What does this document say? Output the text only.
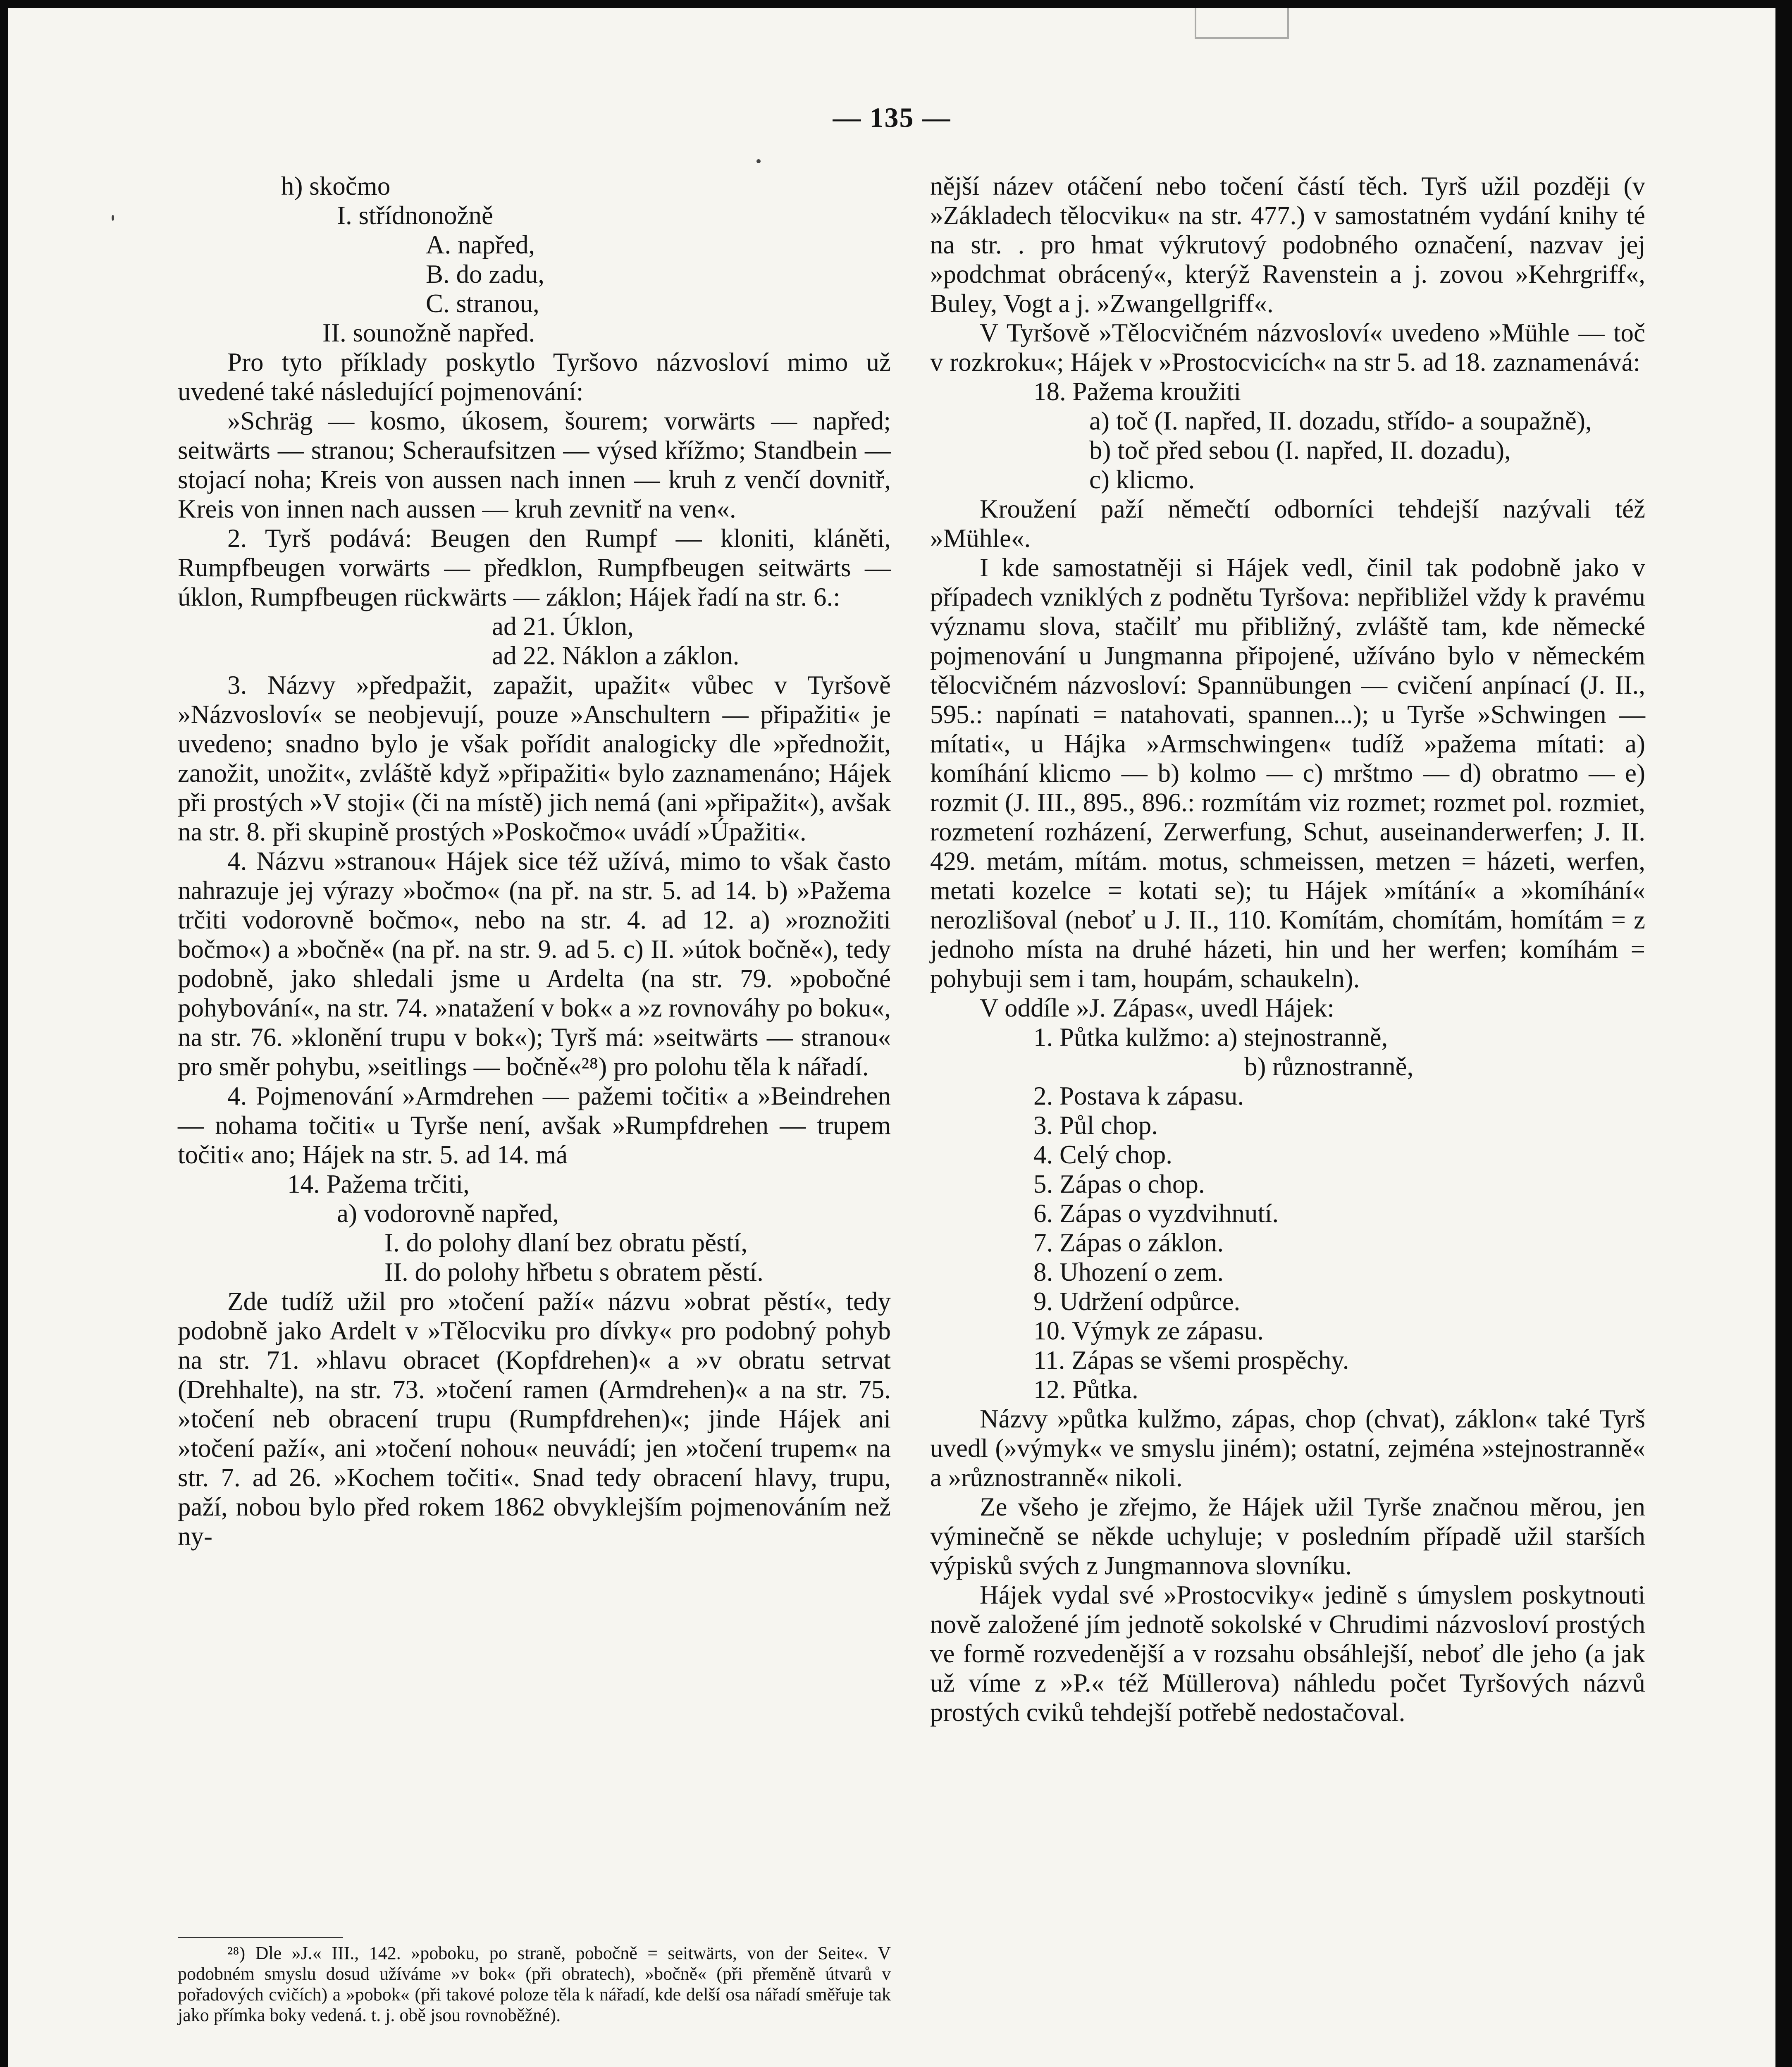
— 135 —

h) skočmo

I. střídnonožně

A. napřed,

B. do zadu,

C. stranou,

II. sounožně napřed.

Pro tyto příklady poskytlo Tyršovo názvosloví mimo už uvedené také následující pojmenování:

»Schräg — kosmo, úkosem, šourem; vorwärts — napřed; seitwärts — stranou; Scheraufsitzen — výsed křížmo; Standbein — stojací noha; Kreis von aussen nach innen — kruh z venčí dovnitř, Kreis von innen nach aussen — kruh zevnitř na ven«.

2. Tyrš podává: Beugen den Rumpf — kloniti, kláněti, Rumpfbeugen vorwärts — předklon, Rumpfbeugen seitwärts — úklon, Rumpfbeugen rückwärts — záklon; Hájek řadí na str. 6.:

ad 21. Úklon,

ad 22. Náklon a záklon.

3. Názvy »předpažit, zapažit, upažit« vůbec v Tyršově »Názvosloví« se neobjevují, pouze »Anschultern — připažiti« je uvedeno; snadno bylo je však pořídit analogicky dle »přednožit, zanožit, unožit«, zvláště když »připažiti« bylo zaznamenáno; Hájek při prostých »V stoji« (či na místě) jich nemá (ani »připažit«), avšak na str. 8. při skupině prostých »Poskočmo« uvádí »Úpažiti«.

4. Názvu »stranou« Hájek sice též užívá, mimo to však často nahrazuje jej výrazy »bočmo« (na př. na str. 5. ad 14. b) »Pažema trčiti vodorovně bočmo«, nebo na str. 4. ad 12. a) »roznožiti bočmo«) a »bočně« (na př. na str. 9. ad 5. c) II. »útok bočně«), tedy podobně, jako shledali jsme u Ardelta (na str. 79. »pobočné pohybování«, na str. 74. »natažení v bok« a »z rovnováhy po boku«, na str. 76. »klonění trupu v bok«); Tyrš má: »seitwärts — stranou« pro směr pohybu, »seitlings — bočně«²⁸) pro polohu těla k nářadí.

4. Pojmenování »Armdrehen — pažemi točiti« a »Beindrehen — nohama točiti« u Tyrše není, avšak »Rumpfdrehen — trupem točiti« ano; Hájek na str. 5. ad 14. má

14. Pažema trčiti,

a) vodorovně napřed,

I. do polohy dlaní bez obratu pěstí,

II. do polohy hřbetu s obratem pěstí.

Zde tudíž užil pro »točení paží« názvu »obrat pěstí«, tedy podobně jako Ardelt v »Tělocviku pro dívky« pro podobný pohyb na str. 71. »hlavu obracet (Kopfdrehen)« a »v obratu setrvat (Drehhalte), na str. 73. »točení ramen (Armdrehen)« a na str. 75. »točení neb obracení trupu (Rumpfdrehen)«; jinde Hájek ani »točení paží«, ani »točení nohou« neuvádí; jen »točení trupem« na str. 7. ad 26. »Kochem točiti«. Snad tedy obracení hlavy, trupu, paží, nobou bylo před rokem 1862 obvyklejším pojmenováním než ny-

nější název otáčení nebo točení částí těch. Tyrš užil později (v »Základech tělocviku« na str. 477.) v samostatném vydání knihy té na str. . pro hmat výkrutový podobného označení, nazvav jej »podchmat obrácený«, kterýž Ravenstein a j. zovou »Kehrgriff«, Buley, Vogt a j. »Zwangellgriff«.

V Tyršově »Tělocvičném názvosloví« uvedeno »Mühle — toč v rozkroku«; Hájek v »Prostocvicích« na str 5. ad 18. zaznamenává:

18. Pažema kroužiti

a) toč (I. napřed, II. dozadu, střído- a soupažně),

b) toč před sebou (I. napřed, II. dozadu),

c) klicmo.

Kroužení paží němečtí odborníci tehdejší nazývali též »Mühle«.

I kde samostatněji si Hájek vedl, činil tak podobně jako v případech vzniklých z podnětu Tyršova: nepřibližel vždy k pravému významu slova, stačilť mu přibližný, zvláště tam, kde německé pojmenování u Jungmanna připojené, užíváno bylo v německém tělocvičném názvosloví: Spannübungen — cvičení anpínací (J. II., 595.: napínati = natahovati, spannen...); u Tyrše »Schwingen — mítati«, u Hájka »Armschwingen« tudíž »pažema mítati: a) komíhání klicmo — b) kolmo — c) mrštmo — d) obratmo — e) rozmit (J. III., 895., 896.: rozmítám viz rozmet; rozmet pol. rozmiet, rozmetení rozházení, Zerwerfung, Schut, auseinanderwerfen; J. II. 429. metám, mítám. motus, schmeissen, metzen = házeti, werfen, metati kozelce = kotati se); tu Hájek »mítání« a »komíhání« nerozlišoval (neboť u J. II., 110. Komítám, chomítám, homítám = z jednoho místa na druhé házeti, hin und her werfen; komíhám = pohybuji sem i tam, houpám, schaukeln).

V oddíle »J. Zápas«, uvedl Hájek:

1. Půtka kulžmo: a) stejnostranně,

b) různostranně,

2. Postava k zápasu.

3. Půl chop.

4. Celý chop.

5. Zápas o chop.

6. Zápas o vyzdvihnutí.

7. Zápas o záklon.

8. Uhození o zem.

9. Udržení odpůrce.

10. Výmyk ze zápasu.

11. Zápas se všemi prospěchy.

12. Půtka.

Názvy »půtka kulžmo, zápas, chop (chvat), záklon« také Tyrš uvedl (»výmyk« ve smyslu jiném); ostatní, zejména »stejnostranně« a »různostranně« nikoli.

Ze všeho je zřejmo, že Hájek užil Tyrše značnou měrou, jen výminečně se někde uchyluje; v posledním případě užil starších výpisků svých z Jungmannova slovníku.

Hájek vydal své »Prostocviky« jedině s úmyslem poskytnouti nově založené jím jednotě sokolské v Chrudimi názvosloví prostých ve formě rozvedenější a v rozsahu obsáhlejší, neboť dle jeho (a jak už víme z »P.« též Müllerova) náhledu počet Tyršových názvů prostých cviků tehdejší potřebě nedostačoval.

²⁸) Dle »J.« III., 142. »poboku, po straně, pobočně = seitwärts, von der Seite«. V podobném smyslu dosud užíváme »v bok« (při obratech), »bočně« (při přeměně útvarů v pořadových cvičích) a »pobok« (při takové poloze těla k nářadí, kde delší osa nářadí směřuje tak jako přímka boky vedená. t. j. obě jsou rovnoběžné).
